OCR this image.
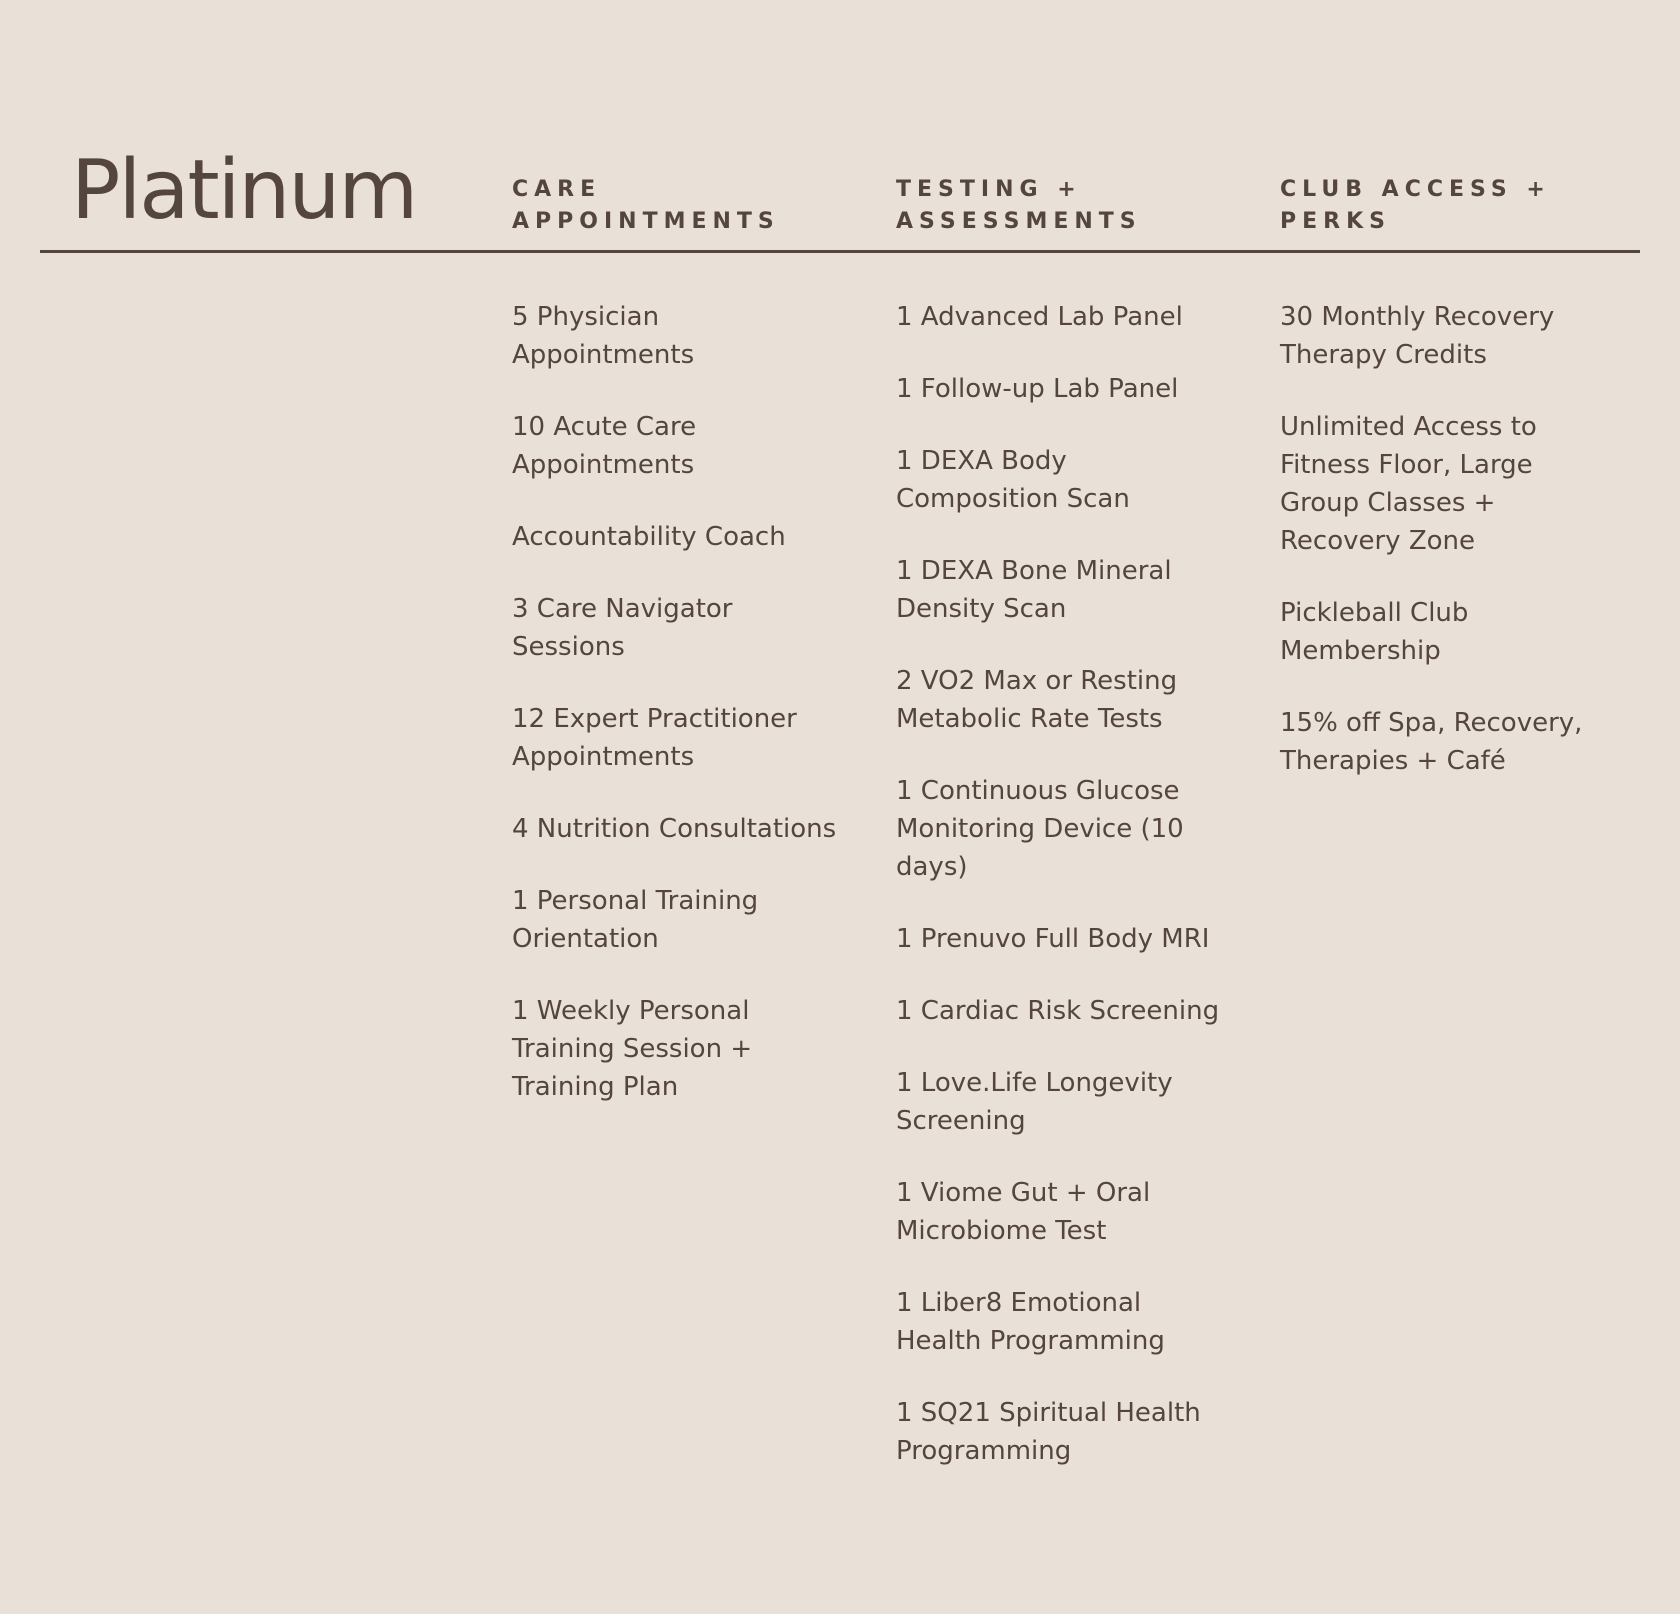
Platinum	CARE
APPOINTMENTS
TESTING +
ASSESSMENTS
CLUB ACCESS +
PERKS
5 Physician Appointments
10 Acute Care Appointments
Accountability Coach
3 Care Navigator Sessions
12 Expert Practitioner Appointments
4 Nutrition Consultations
1 Personal Training Orientation
1 Weekly Personal Training Session + Training Plan
1 Advanced Lab Panel
1 Follow-up Lab Panel
1 DEXA Body Composition Scan
1 DEXA Bone Mineral Density Scan
2 VO2 Max or Resting Metabolic Rate Tests
1 Continuous Glucose Monitoring Device (10 days)
1 Prenuvo Full Body MRI
1 Cardiac Risk Screening
1 Love.Life Longevity Screening
1 Viome Gut + Oral Microbiome Test
1 Liber8 Emotional Health Programming
1 SQ21 Spiritual Health Programming
30 Monthly Recovery Therapy Credits
Unlimited Access to Fitness Floor, Large Group Classes + Recovery Zone
Pickleball Club Membership
15% off Spa, Recovery, Therapies + Café
